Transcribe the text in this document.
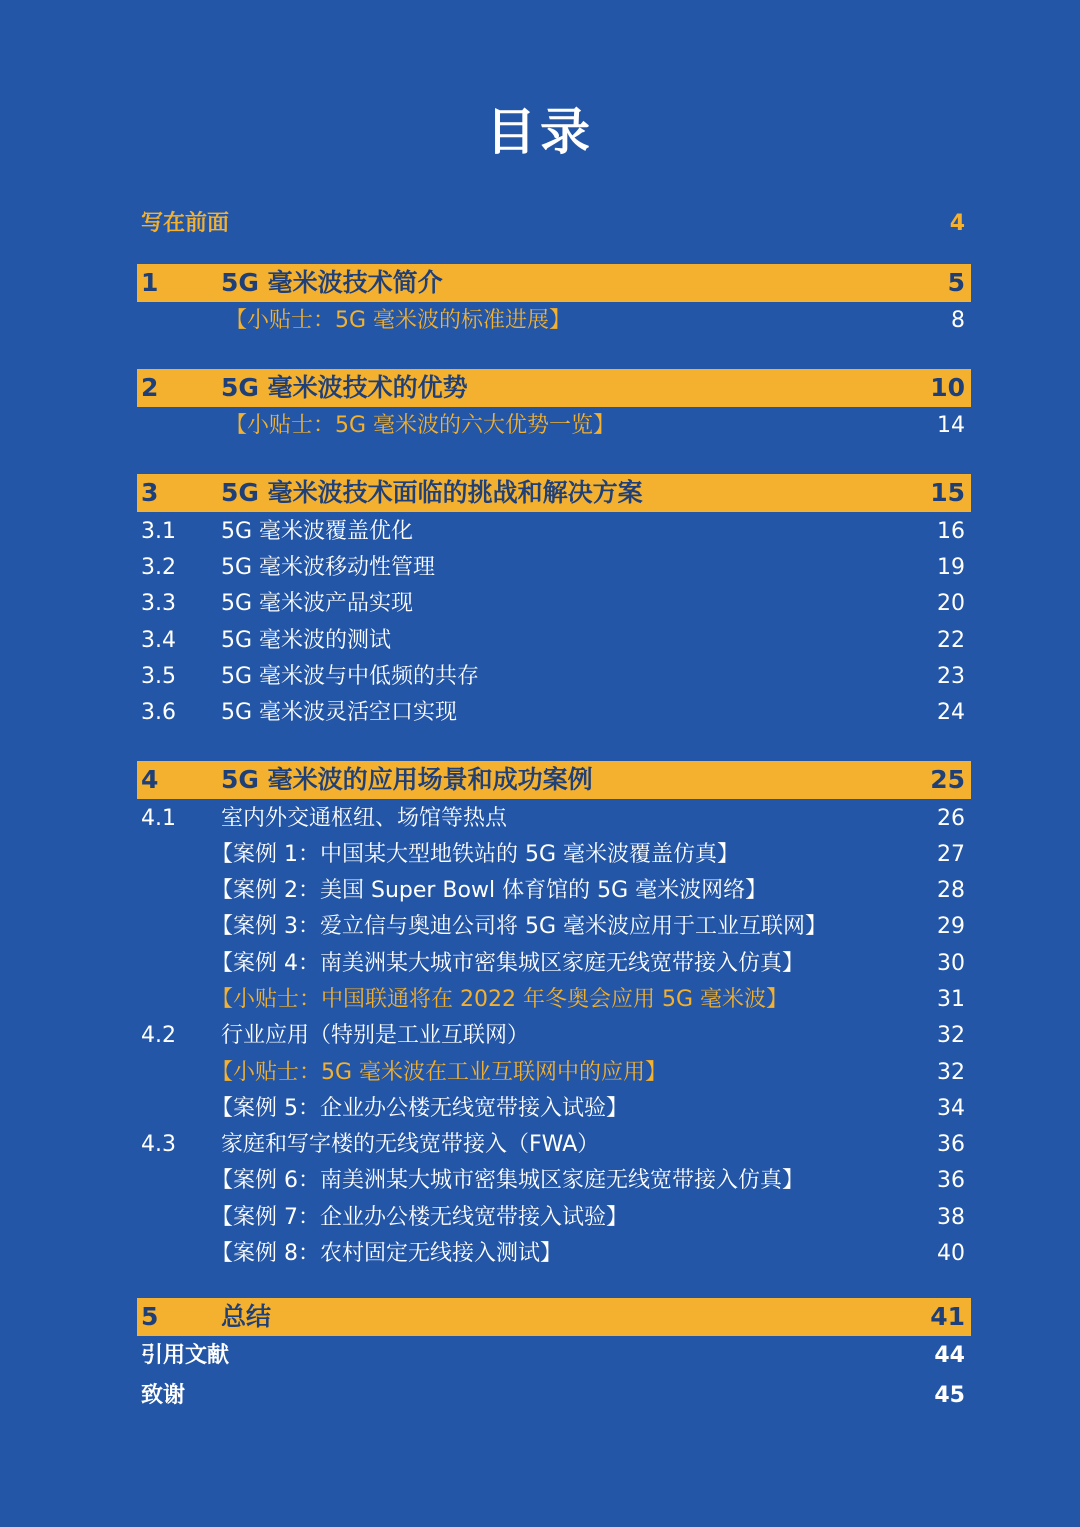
目录
写在前面	4
1	5G 毫米波技术简介	5
【小贴士：5G 毫米波的标准进展】	8
2	5G 毫米波技术的优势	10
【小贴士：5G 毫米波的六大优势一览】	14
3	5G 毫米波技术面临的挑战和解决方案	15
3.1 5G 毫米波覆盖优化	16
3.2 5G 毫米波移动性管理	19
3.3 5G 毫米波产品实现	20
3.4 5G 毫米波的测试	22
3.5 5G 毫米波与中低频的共存	23
3.6 5G 毫米波灵活空口实现	24
4	5G 毫米波的应用场景和成功案例	25
4.1 室内外交通枢纽、场馆等热点	26
【案例 1：中国某大型地铁站的 5G 毫米波覆盖仿真】	27
【案例 2：美国 Super Bowl 体育馆的 5G 毫米波网络】	28
【案例 3：爱立信与奥迪公司将 5G 毫米波应用于工业互联网】	29
【案例 4：南美洲某大城市密集城区家庭无线宽带接入仿真】	30
【小贴士：中国联通将在 2022 年冬奥会应用 5G 毫米波】	31
4.2 行业应用（特别是工业互联网）	32
【小贴士：5G 毫米波在工业互联网中的应用】	32
【案例 5：企业办公楼无线宽带接入试验】	34
4.3 家庭和写字楼的无线宽带接入（FWA）	36
【案例 6：南美洲某大城市密集城区家庭无线宽带接入仿真】	36
【案例 7：企业办公楼无线宽带接入试验】	38
【案例 8：农村固定无线接入测试】	40
5	总结	41
引用文献	44
致谢	45
